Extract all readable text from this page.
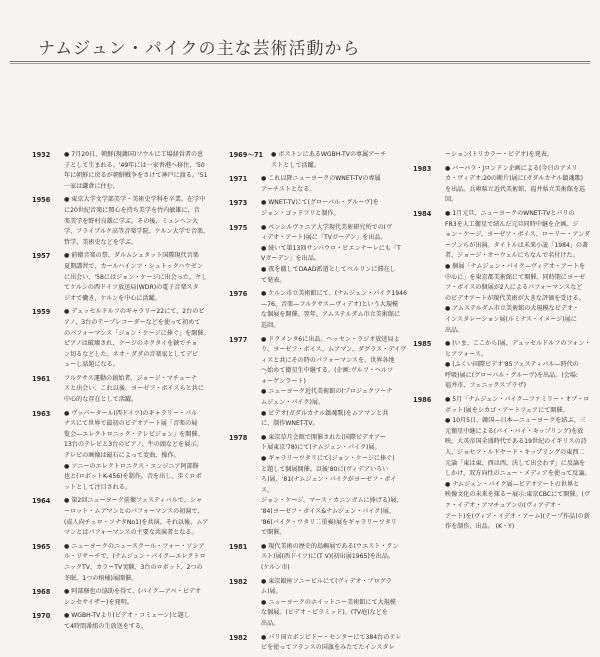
ナムジュン・パイクの主な芸術活動から
1932	● 7月20日、朝鮮(現韓国)ソウルに工場経営者の息
子として生まれる。'49年には一家香港へ移住、'50
年に朝鮮に戻るが朝鮮戦争をさけて神戸に渡る。'51
一家は鎌倉に住む。
1956	● 東京大学文学部美学・美術史学科を卒業。在学中
に20世紀音楽に関心を持ち美学を竹内敏雄に、音
楽美学を野村良雄に学ぶ。その後、ミュンヘン大
学、フライブルク高等音楽学院、ケルン大学で音楽、
哲学、美術史などを学ぶ。
1957	● 前衛音楽の祭、ダルムシュタット国際現代音楽
夏期講習で、カールハインツ・シュトックハウゼン
に出会い、'58にはジョン・ケージに出会った。ヤし
てケルンの西ドイツ放送局(WDR)の電子音楽スタ
ジオで働き、ケルンを中心に活躍。
1959	● デュッセルドルフのギャラリー22にて、2台のピ
アノ、3台のテープレコーダーなどを使って初めて
のパフォーマンス「ジョン・ケージに捧ぐ」を開催。
ピアノは破壊され、ケージのネクタイを鋏でチョ
ン切るなどした。ネオ・ダダの音楽家としてデビ
ューし話題になる。
1961	フルクサス運動の創始者、ジョージ・マチューナ
スと出会い、これ以後、ヨーゼフ・ボイスらと共に
中心的な存在として活躍。
1963	● ヴッパータール(西ドイツ)のギャラリー・パル
ナスにて世界で最初のビデオアート展「音楽の展
覧会—エレクトロニック・テレビジョン」を開催。
13台のテレビと3台のピアノ、牛の頭などを展示。
テレビの画像は磁石によって変曲、操作。
● ソニーのエレクトロニクス・エンジニア阿部修
也と(ロボットK-456)を制作。音を出し、歩くロボ
ットとして注目される。
1964	● 第2回ニューヨーク前衛フェスティバルで、シャ
ーロット・ムアマンとのパフォーマンスの初演で、
(成人向チェロ・ソナタNo1)を共演。それ以後、ムア
マンとはパフォーマンスの主要な共演者となる。
1965	● ニューヨークのニュースクール・フォー・ソシア
ル・リサーチで、(ナムジュン・パイク—エレクトロ
ニックTV、カラーTV実験、3台のロボット、2つの
冬眠、1つの棺桶)展開催。
1968	● 阿部修也の協助を得て、(パイク—アベ・ビデオ
シンセサイザー)を発明。
1970	● WGBH-TVより(ビデオ・コミューン)と題し
て4時間番組の生放送をする。
1969～71	● ボストンにあるWGBH-TVの専属アーチ
ストとして活躍。
1971	● これ以降ニューヨークのWNET-TVの専属
アーチストとなる。
1973	● WNET-TVにて(グローバル・グルーヴ)を
ジョン・ゴッドフリと制作。
1975	● ペンシルヴァニア大学現代美術研究所での(ヴ
ィデオ・アート)展に「TVガーデン」を出品。
● 続いて第13回サンパウロ・ビエンナーレにも「T
Vガーデン」を出品。
● 夜を徹してDAAD派遣としてベルリンに滞在し
て発表。
1976	● ケルン市立美術館にて、(ナムジュン・パイク1946
—76、音楽—フルクサス—ヴィデオ)という大規模
な個展を開催。翌年、アムステルダム市立美術館に
巡回。
1977	● ドクメンタ6に出品。ヘッセン・ラジオ放送局よ
り、ヨーゼフ・ボイス、ムアマン、ダグラス・デイヴ
ィスと共にその時のパフォーマンスを、世界各地
へ始めて衛星生中継する。(企画:ヴルフ・ヘルツ
ォーゲンラート)
● ニューヨーク近代美術館の(プロジェクツーナ
ムジュン・パイク)展。
● ビデオ(ガダルカナル鎮魂歌)をムアマンと共
に、制作WNET-TV。
1978	● 東京草月会館で開催された(国際ビデオアー
ト展東京'78)にて(ナムジュン・パイク)展。
● ギャラリーワタリにて(ジョン・ケージに捧ぐ)
と題して個展開催。以後'80に(ヴィデアいろい
ろ)展、'81(ナムジュン・パイクがヨーゼフ・ボイス、
ジョン・ケージ、マース・カニンガムに捧げる)展、
'84(ヨーゼフ・ボイス&ナムジュン・パイク)展、
'86(パイク・ワタリ二重奏)展をギャラリーワタリ
で開催。
1981	● 現代美術の歴史的島嶼展である(ウエスト・クン
スト)展(西ドイツ)に(T V)(初出展1965)を出品。
(ケルン市)
1982	● 東京銀座ソニービルにて(ヴィデオ・プログラ
ム)展。
● ニューヨークのホイットニー美術館にて大規模
な個展。(ビデオ・ピラミッド)、(TV庭)などを
出品。
1982	● パリ国立ポンピドー・センターにて384台のテレ
ビを使ってフランスの国旗をみたてたインスタレ
ーション(トリカラー・ビデオ)を発表。
1983	● バーバラ・Jロンドン企画による(今日のアメリ
カ・ヴィデオ:20の断片)展に(ガダルカナル鎮魂歌)
を出品。兵庫県立近代美術館、福井県立美術館を巡
回。
1984	● 1月元旦、ニューヨークのWNET-TVとパリの
FR3を人工衛星で結んだ元旦同時中継を企画。ジ
ョン・ケージ、ヨーゼフ・ボイス、ローリー・アンダ
ーソンらが出演。タイトルは未来小説「1984」の著
者、ジョージ・オーウェルにちなんで名付けた。
● 個展「ナムジュン・パイク—ヴィデオ・アートを
中心に」を東京都美術館にて開催。同時期にヨーゼ
フ・ボイスの個展が2人によるパフォーマンスなど
のビデオアートが現代美術が大きな評価を受ける。
● アムステルダム市立美術館の大規模なビデオ・
インスタレーション展(ルミナス・イメージ)展に
出品。
1985	● (いま、ここから)展、デュッセルドルフのフォン・
ヒアフォース。
● (ふくい国際ビデオ'85フェスティバル—時代の
呼吸)展に(グローバル・グルーヴ)を出品。(会場:
福井市、フェニックスプラザ)
1986	● 5月「ナムジュン・パイク—ファミリー・オブ・ロ
ボット)展をシカゴ・アートフェアにて開催。
● 10月5日、韓国—日本—ニューヨークを結ぶ、三
元衛星中継による(バイ・バイ・キップリング)を放
映。大英帝国全盛時代である19世紀のイギリスの詩
人、ジョセフ・ルドヤード・キップリングの東西二
元論「東は東、西は西、決して出会わず」に反論を
しかけ、双方向性のニュー・メディアを使って反論。
● ナムジュン・パイク展—ビデオアートの世界と
映像文化の未来を探るー展示:東京CBCにて開催。(ヴァ・イデオ・アマチュアンの(ヴィアデオ・
アート)を(ヴィア・イデオ・アーム)(テープ作品)の新作を制作、出品。 (K・Y)
